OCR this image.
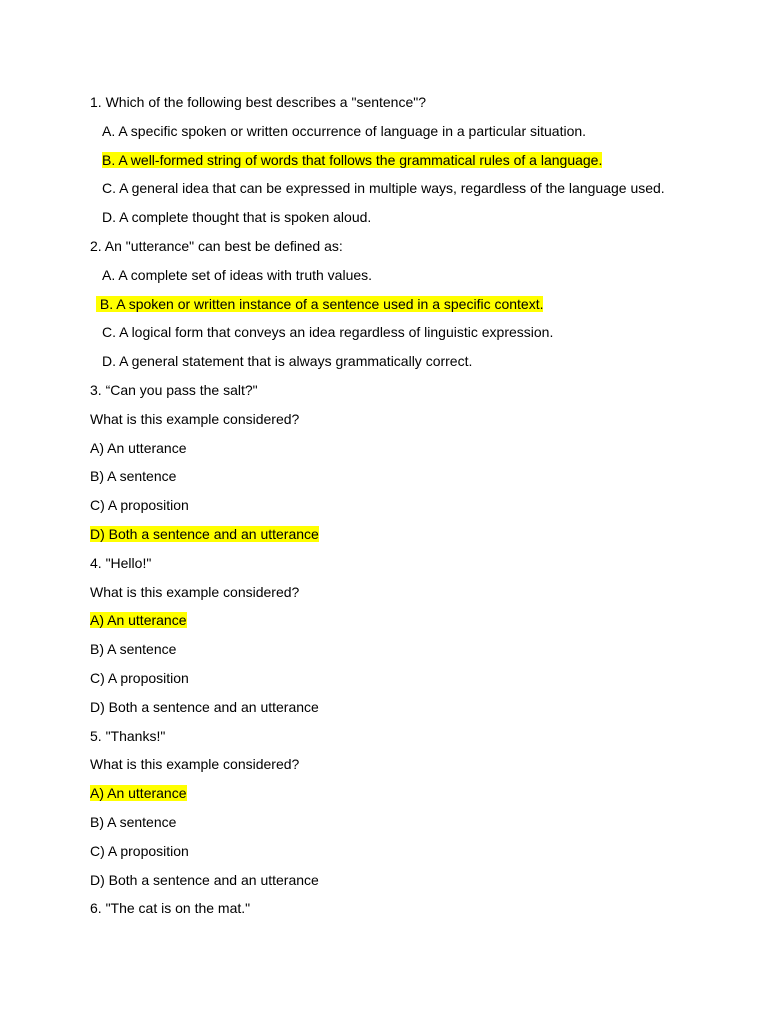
1. Which of the following best describes a "sentence"?
A. A specific spoken or written occurrence of language in a particular situation.
B. A well-formed string of words that follows the grammatical rules of a language.
C. A general idea that can be expressed in multiple ways, regardless of the language used.
D. A complete thought that is spoken aloud.
2. An "utterance" can best be defined as:
A. A complete set of ideas with truth values.
B. A spoken or written instance of a sentence used in a specific context.
C. A logical form that conveys an idea regardless of linguistic expression.
D. A general statement that is always grammatically correct.
3. “Can you pass the salt?"
What is this example considered?
A) An utterance
B) A sentence
C) A proposition
D) Both a sentence and an utterance
4. "Hello!"
What is this example considered?
A) An utterance
B) A sentence
C) A proposition
D) Both a sentence and an utterance
5. "Thanks!"
What is this example considered?
A) An utterance
B) A sentence
C) A proposition
D) Both a sentence and an utterance
6. "The cat is on the mat."
